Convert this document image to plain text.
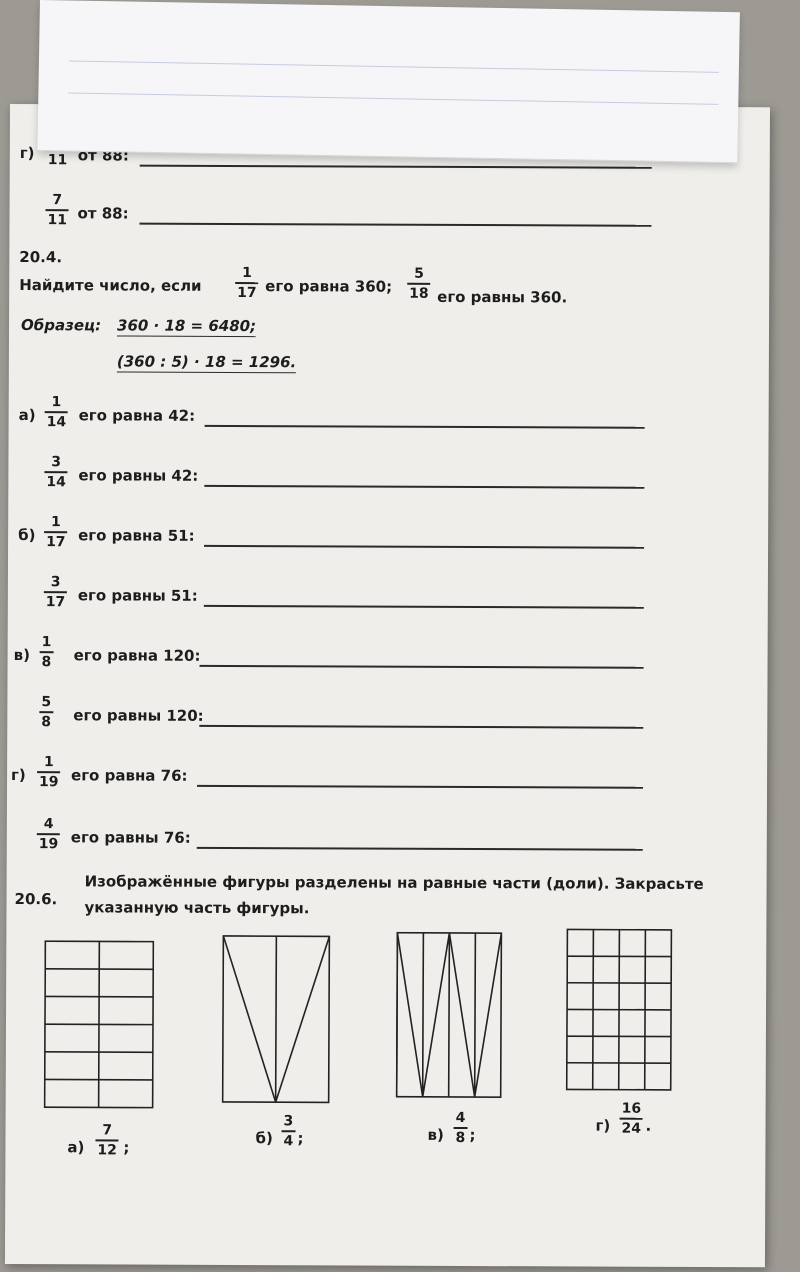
г) 11 от 88:
7
11 от 88:
20.4.
Найдите число, если
1
17 его равна 360;
5
18 его равны 360.
Образец: 360 · 18 = 6480;
(360 : 5) · 18 = 1296.
а)
1
14 его равна 42:
3
14 его равны 42:
б)
1
17 его равна 51:
3
17 его равны 51:
в)
1
8 его равна 120:
5
8 его равны 120:
г)
1
19 его равна 76:
4
19 его равны 76:
20.6.
Изображённые фигуры разделены на равные части (доли). Закрасьте
указанную часть фигуры.
а)
7
12 ;
б)
3
4 ;	в)
4
8 ;
г)
16
24 .
